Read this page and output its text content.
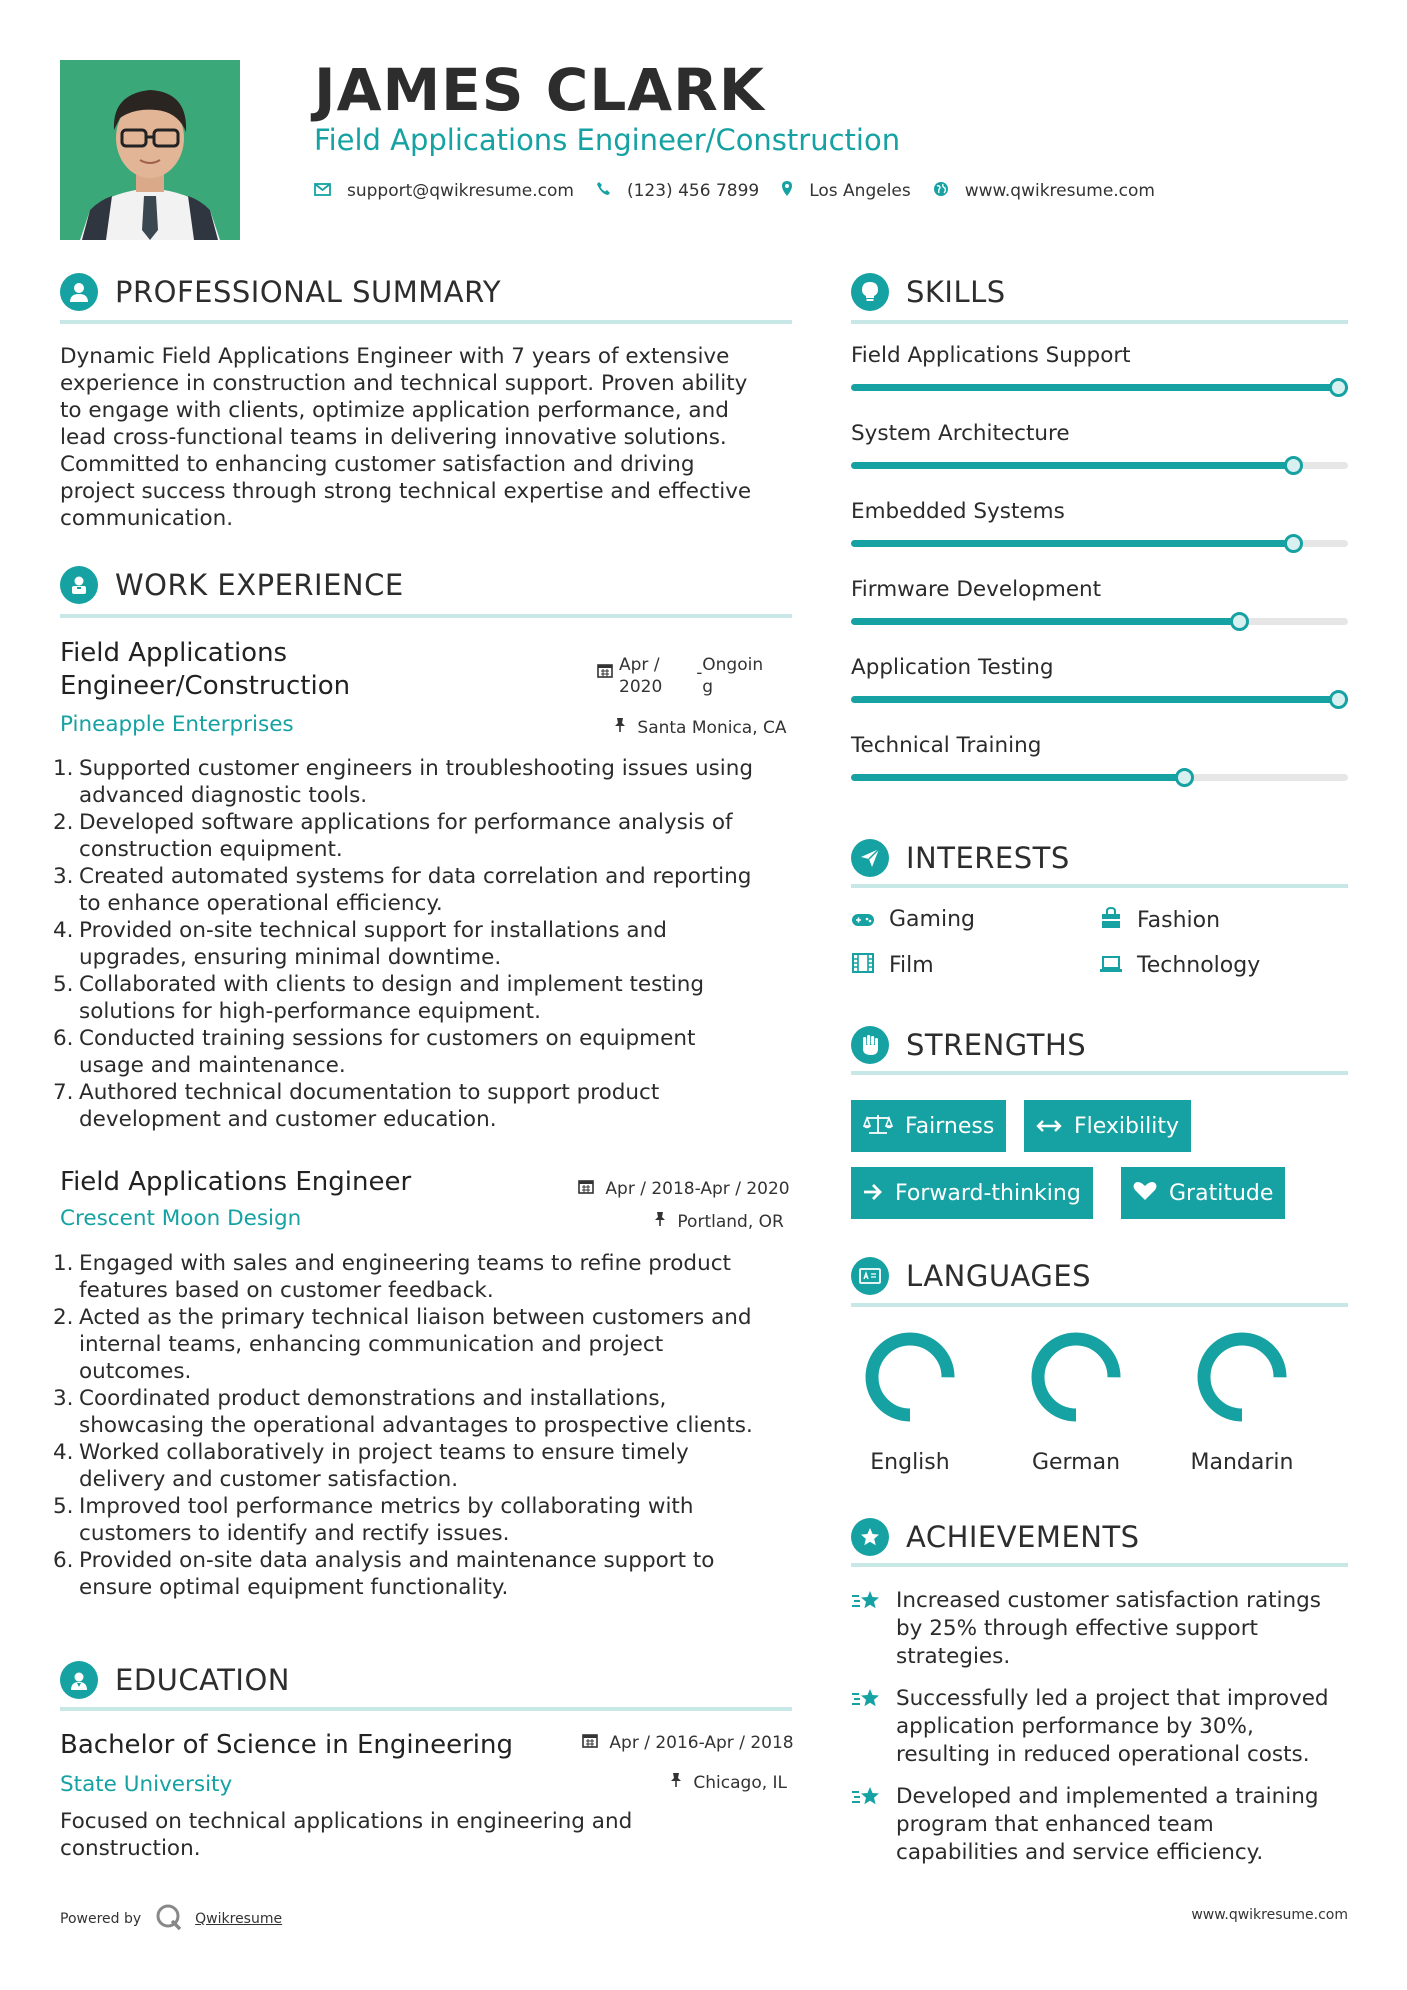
JAMES CLARK
Field Applications Engineer/Construction
support@qwikresume.com	(123) 456 7899	Los Angeles	www.qwikresume.com
PROFESSIONAL SUMMARY
Dynamic Field Applications Engineer with 7 years of extensive
experience in construction and technical support. Proven ability
to engage with clients, optimize application performance, and
lead cross-functional teams in delivering innovative solutions.
Committed to enhancing customer satisfaction and driving
project success through strong technical expertise and effective
communication.
WORK EXPERIENCE
Field Applications
Engineer/Construction
Apr /
2020
- Ongoin
g
Pineapple Enterprises	Santa Monica, CA
1. Supported customer engineers in troubleshooting issues using
advanced diagnostic tools.
2. Developed software applications for performance analysis of
construction equipment.
3. Created automated systems for data correlation and reporting
to enhance operational efficiency.
4. Provided on-site technical support for installations and
upgrades, ensuring minimal downtime.
5. Collaborated with clients to design and implement testing
solutions for high-performance equipment.
6. Conducted training sessions for customers on equipment
usage and maintenance.
7. Authored technical documentation to support product
development and customer education.
Field Applications Engineer	Apr / 2018-Apr / 2020
Crescent Moon Design	Portland, OR
1. Engaged with sales and engineering teams to refine product
features based on customer feedback.
2. Acted as the primary technical liaison between customers and
internal teams, enhancing communication and project
outcomes.
3. Coordinated product demonstrations and installations,
showcasing the operational advantages to prospective clients.
4. Worked collaboratively in project teams to ensure timely
delivery and customer satisfaction.
5. Improved tool performance metrics by collaborating with
customers to identify and rectify issues.
6. Provided on-site data analysis and maintenance support to
ensure optimal equipment functionality.
EDUCATION
Bachelor of Science in Engineering	Apr / 2016-Apr / 2018
State University	Chicago, IL
Focused on technical applications in engineering and
construction.
SKILLS
Field Applications Support
System Architecture
Embedded Systems
Firmware Development
Application Testing
Technical Training
INTERESTS
Gaming	Fashion
Film	Technology
STRENGTHS
Fairness	Flexibility
Forward-thinking	Gratitude
LANGUAGES
English	German	Mandarin
ACHIEVEMENTS
Increased customer satisfaction ratings
by 25% through effective support
strategies.
Successfully led a project that improved
application performance by 30%,
resulting in reduced operational costs.
Developed and implemented a training
program that enhanced team
capabilities and service efficiency.
Powered by	Qwikresume	www.qwikresume.com
